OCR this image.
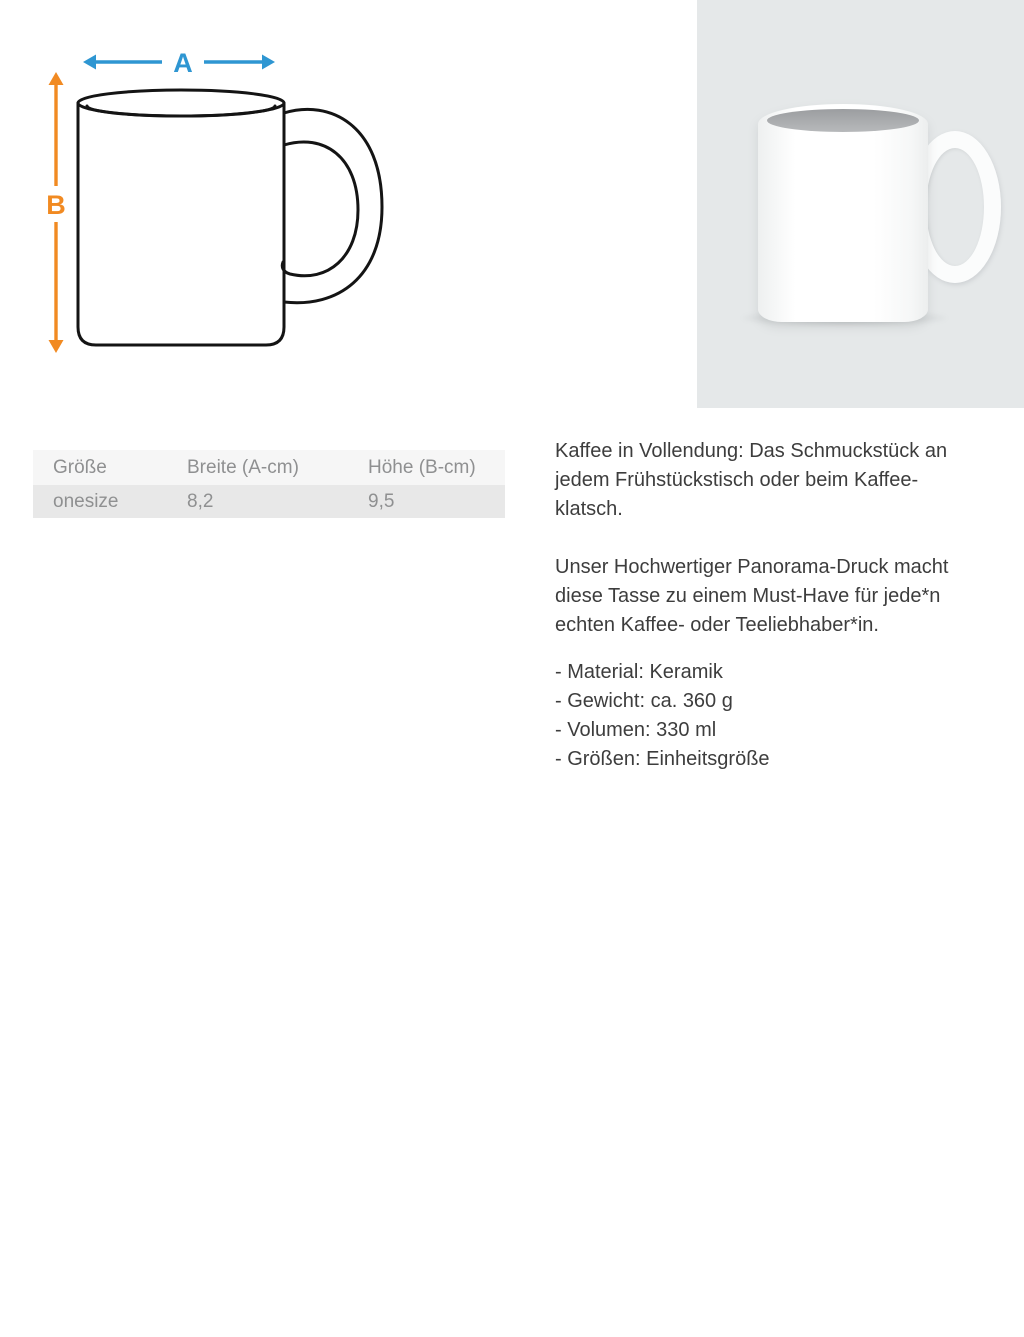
A
B
Größe	Breite (A-cm)	Höhe (B-cm)
onesize	8,2	9,5

Kaffee in Vollendung: Das Schmuckstück an jedem Frühstückstisch oder beim Kaffee-klatsch.

Unser Hochwertiger Panorama-Druck macht diese Tasse zu einem Must-Have für jede*n echten Kaffee- oder Teeliebhaber*in.

- Material: Keramik
- Gewicht: ca. 360 g
- Volumen: 330 ml
- Größen: Einheitsgröße
